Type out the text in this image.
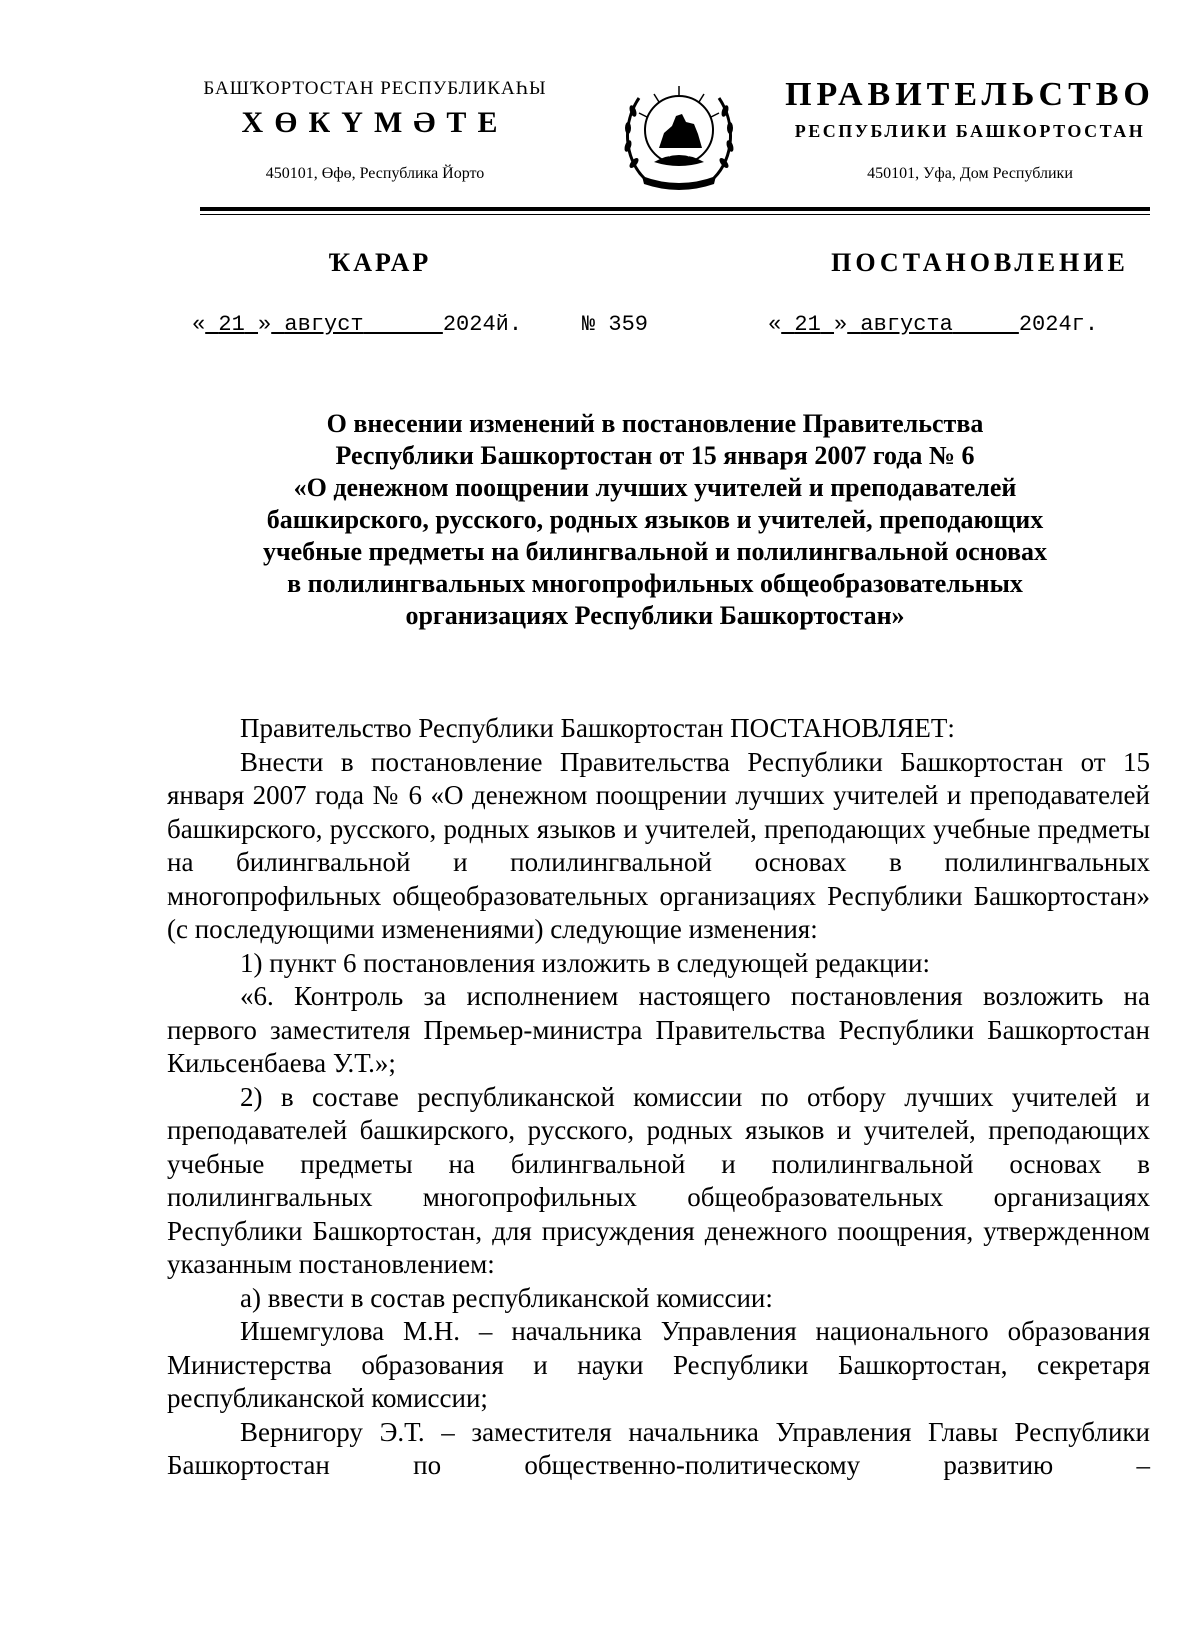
БАШҠОРТОСТАН РЕСПУБЛИКАҺЫ
ХӨКҮМӘТЕ
450101, Өфө, Республика Йорто
ПРАВИТЕЛЬСТВО
РЕСПУБЛИКИ БАШКОРТОСТАН
450101, Уфа, Дом Республики
ҠАРАР	ПОСТАНОВЛЕНИЕ
« 21 » август	2024й.	№ 359	« 21 » августа	2024г.
О внесении изменений в постановление Правительства
Республики Башкортостан от 15 января 2007 года № 6
«О денежном поощрении лучших учителей и преподавателей
башкирского, русского, родных языков и учителей, преподающих
учебные предметы на билингвальной и полилингвальной основах
в полилингвальных многопрофильных общеобразовательных
организациях Республики Башкортостан»

Правительство Республики Башкортостан ПОСТАНОВЛЯЕТ:

Внести в постановление Правительства Республики Башкортостан от 15 января 2007 года № 6 «О денежном поощрении лучших учителей и преподавателей башкирского, русского, родных языков и учителей, преподающих учебные предметы на билингвальной и полилингвальной основах в полилингвальных многопрофильных общеобразовательных организациях Республики Башкортостан» (с последующими изменениями) следующие изменения:

1) пункт 6 постановления изложить в следующей редакции:

«6. Контроль за исполнением настоящего постановления возложить на первого заместителя Премьер-министра Правительства Республики Башкортостан Кильсенбаева У.Т.»;

2) в составе республиканской комиссии по отбору лучших учителей и преподавателей башкирского, русского, родных языков и учителей, преподающих учебные предметы на билингвальной и полилингвальной основах в полилингвальных многопрофильных общеобразовательных организациях Республики Башкортостан, для присуждения денежного поощрения, утвержденном указанным постановлением:

а) ввести в состав республиканской комиссии:

Ишемгулова М.Н. – начальника Управления национального образования Министерства образования и науки Республики Башкортостан, секретаря республиканской комиссии;

Вернигору Э.Т. – заместителя начальника Управления Главы Республики Башкортостан по общественно-политическому развитию –
